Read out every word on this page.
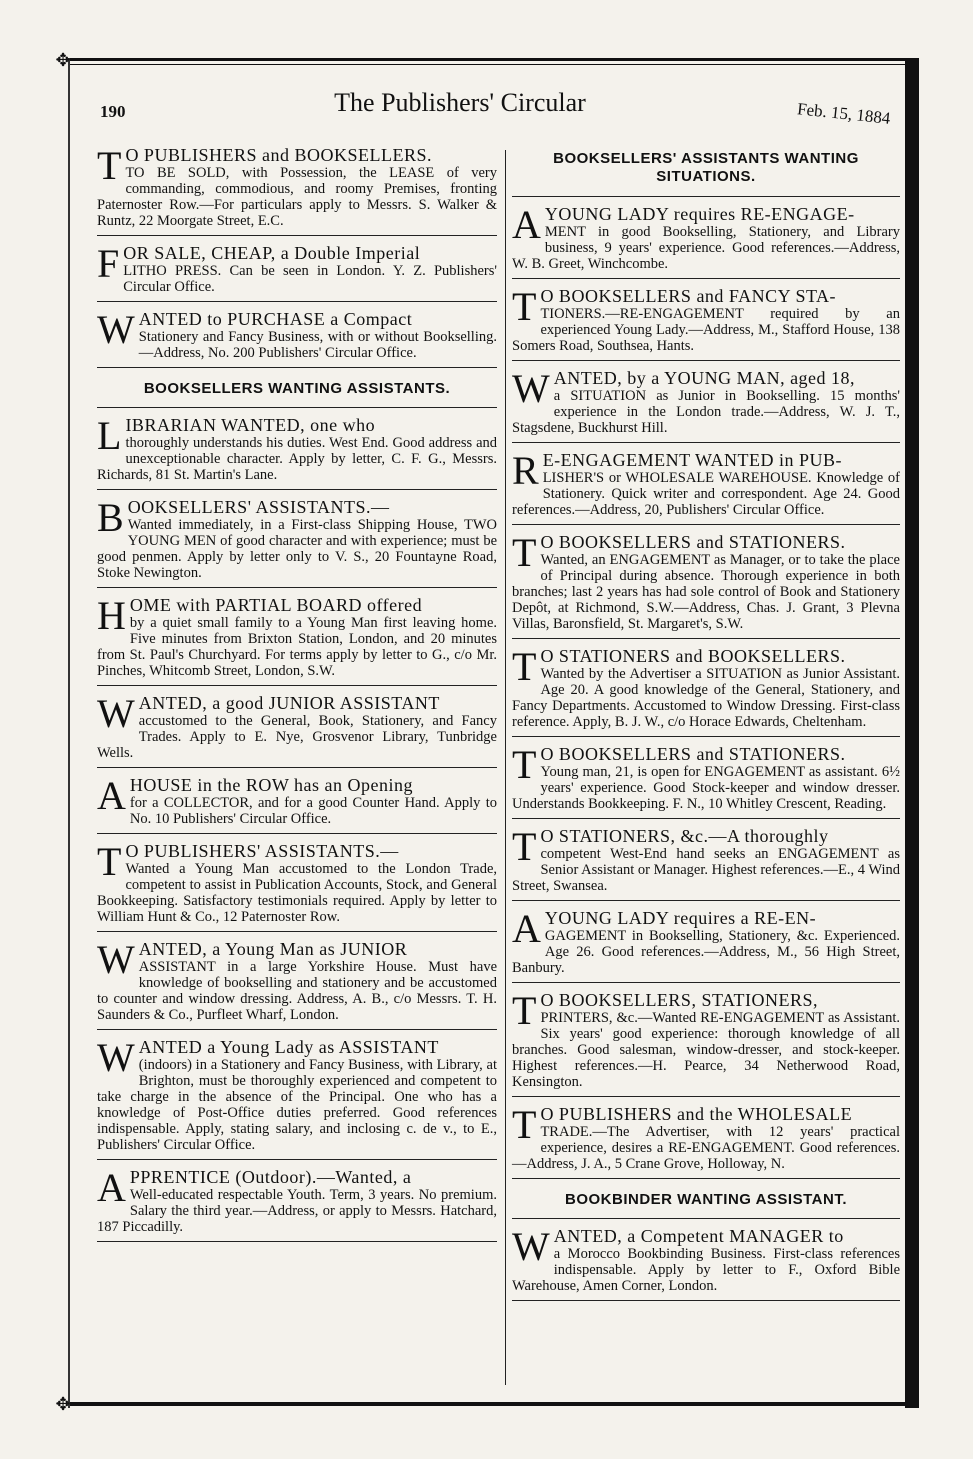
✥
✥
190	The Publishers' Circular	Feb. 15, 1884
T O PUBLISHERS and BOOKSELLERS.
TO BE SOLD, with Possession, the LEASE of very commanding, commodious, and roomy Premises, fronting Paternoster Row.—For particulars apply to Messrs. S. Walker & Runtz, 22 Moorgate Street, E.C.
FOR SALE, CHEAP, a Double Imperial
LITHO PRESS. Can be seen in London. Y. Z. Publishers' Circular Office.
WANTED to PURCHASE a Compact
Stationery and Fancy Business, with or without Bookselling.—Address, No. 200 Publishers' Circular Office.
BOOKSELLERS WANTING ASSISTANTS.
LIBRARIAN WANTED, one who
thoroughly understands his duties. West End. Good address and unexceptionable character. Apply by letter, C. F. G., Messrs. Richards, 81 St. Martin's Lane.
BOOKSELLERS' ASSISTANTS.—
Wanted immediately, in a First-class Shipping House, TWO YOUNG MEN of good character and with experience; must be good penmen. Apply by letter only to V. S., 20 Fountayne Road, Stoke Newington.
HOME with PARTIAL BOARD offered
by a quiet small family to a Young Man first leaving home. Five minutes from Brixton Station, London, and 20 minutes from St. Paul's Churchyard. For terms apply by letter to G., c/o Mr. Pinches, Whitcomb Street, London, S.W.
WANTED, a good JUNIOR ASSISTANT
accustomed to the General, Book, Stationery, and Fancy Trades. Apply to E. Nye, Grosvenor Library, Tunbridge Wells.
A HOUSE in the ROW has an Opening
for a COLLECTOR, and for a good Counter Hand. Apply to No. 10 Publishers' Circular Office.
T O PUBLISHERS' ASSISTANTS.—
Wanted a Young Man accustomed to the London Trade, competent to assist in Publication Accounts, Stock, and General Bookkeeping. Satisfactory testimonials required. Apply by letter to William Hunt & Co., 12 Paternoster Row.
WANTED, a Young Man as JUNIOR
ASSISTANT in a large Yorkshire House. Must have knowledge of bookselling and stationery and be accustomed to counter and window dressing. Address, A. B., c/o Messrs. T. H. Saunders & Co., Purfleet Wharf, London.
WANTED a Young Lady as ASSISTANT
(indoors) in a Stationery and Fancy Business, with Library, at Brighton, must be thoroughly experienced and competent to take charge in the absence of the Principal. One who has a knowledge of Post-Office duties preferred. Good references indispensable. Apply, stating salary, and inclosing c. de v., to E., Publishers' Circular Office.
APPRENTICE (Outdoor).—Wanted, a
Well-educated respectable Youth. Term, 3 years. No premium. Salary the third year.—Address, or apply to Messrs. Hatchard, 187 Piccadilly.
BOOKSELLERS' ASSISTANTS WANTING SITUATIONS.
A YOUNG LADY requires RE-ENGAGE-
MENT in good Bookselling, Stationery, and Library business, 9 years' experience. Good references.—Address, W. B. Greet, Winchcombe.
T O BOOKSELLERS and FANCY STA-
TIONERS.—RE-ENGAGEMENT required by an experienced Young Lady.—Address, M., Stafford House, 138 Somers Road, Southsea, Hants.
WANTED, by a YOUNG MAN, aged 18,
a SITUATION as Junior in Bookselling. 15 months' experience in the London trade.—Address, W. J. T., Stagsdene, Buckhurst Hill.
R E-ENGAGEMENT WANTED in PUB-
LISHER'S or WHOLESALE WAREHOUSE. Knowledge of Stationery. Quick writer and correspondent. Age 24. Good references.—Address, 20, Publishers' Circular Office.
T O BOOKSELLERS and STATIONERS.
Wanted, an ENGAGEMENT as Manager, or to take the place of Principal during absence. Thorough experience in both branches; last 2 years has had sole control of Book and Stationery Depôt, at Richmond, S.W.—Address, Chas. J. Grant, 3 Plevna Villas, Baronsfield, St. Margaret's, S.W.
T O STATIONERS and BOOKSELLERS.
Wanted by the Advertiser a SITUATION as Junior Assistant. Age 20. A good knowledge of the General, Stationery, and Fancy Departments. Accustomed to Window Dressing. First-class reference. Apply, B. J. W., c/o Horace Edwards, Cheltenham.
T O BOOKSELLERS and STATIONERS.
Young man, 21, is open for ENGAGEMENT as assistant. 6½ years' experience. Good Stock-keeper and window dresser. Understands Bookkeeping. F. N., 10 Whitley Crescent, Reading.
T O STATIONERS, &c.—A thoroughly
competent West-End hand seeks an ENGAGEMENT as Senior Assistant or Manager. Highest references.—E., 4 Wind Street, Swansea.
A YOUNG LADY requires a RE-EN-
GAGEMENT in Bookselling, Stationery, &c. Experienced. Age 26. Good references.—Address, M., 56 High Street, Banbury.
T O BOOKSELLERS, STATIONERS,
PRINTERS, &c.—Wanted RE-ENGAGEMENT as Assistant. Six years' good experience: thorough knowledge of all branches. Good salesman, window-dresser, and stock-keeper. Highest references.—H. Pearce, 34 Netherwood Road, Kensington.
T O PUBLISHERS and the WHOLESALE
TRADE.—The Advertiser, with 12 years' practical experience, desires a RE-ENGAGEMENT. Good references.—Address, J. A., 5 Crane Grove, Holloway, N.
BOOKBINDER WANTING ASSISTANT.
WANTED, a Competent MANAGER to
a Morocco Bookbinding Business. First-class references indispensable. Apply by letter to F., Oxford Bible Warehouse, Amen Corner, London.
